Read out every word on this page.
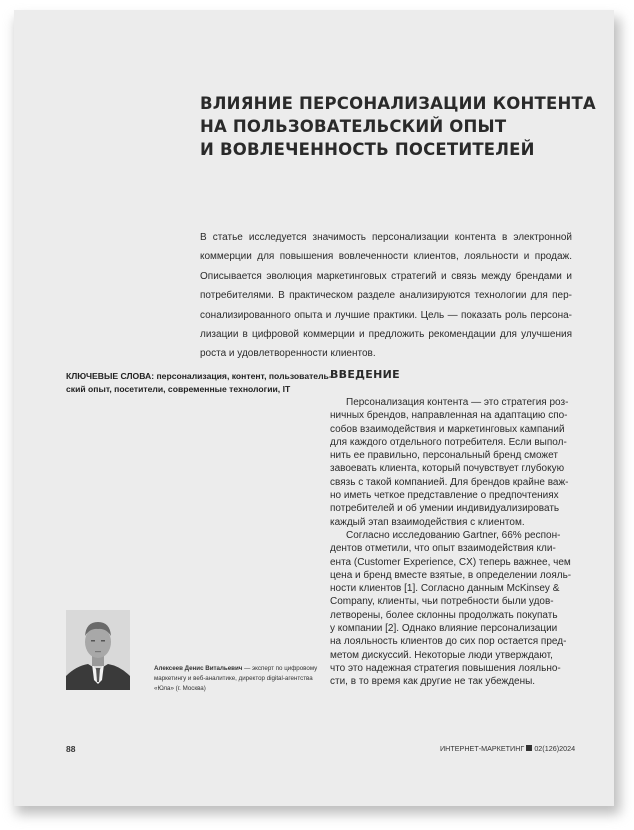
ВЛИЯНИЕ ПЕРСОНАЛИЗАЦИИ КОНТЕНТА
НА ПОЛЬЗОВАТЕЛЬСКИЙ ОПЫТ
И ВОВЛЕЧЕННОСТЬ ПОСЕТИТЕЛЕЙ
В статье исследуется значимость персонализации контента в электронной
коммерции для повышения вовлеченности клиентов, лояльности и продаж.
Описывается эволюция маркетинговых стратегий и связь между брендами и
потребителями. В практическом разделе анализируются технологии для пер-
сонализированного опыта и лучшие практики. Цель — показать роль персона-
лизации в цифровой коммерции и предложить рекомендации для улучшения
роста и удовлетворенности клиентов.
КЛЮЧЕВЫЕ СЛОВА: персонализация, контент, пользователь-
ский опыт, посетители, современные технологии, IT
ВВЕДЕНИЕ
Персонализация контента — это стратегия роз-
ничных брендов, направленная на адаптацию спо-
собов взаимодействия и маркетинговых кампаний
для каждого отдельного потребителя. Если выпол-
нить ее правильно, персональный бренд сможет
завоевать клиента, который почувствует глубокую
связь с такой компанией. Для брендов крайне важ-
но иметь четкое представление о предпочтениях
потребителей и об умении индивидуализировать
каждый этап взаимодействия с клиентом.
Согласно исследованию Gartner, 66% респон-
дентов отметили, что опыт взаимодействия кли-
ента (Customer Experience, CX) теперь важнее, чем
цена и бренд вместе взятые, в определении лояль-
ности клиентов [1]. Согласно данным McKinsey &
Company, клиенты, чьи потребности были удов-
летворены, более склонны продолжать покупать
у компании [2]. Однако влияние персонализации
на лояльность клиентов до сих пор остается пред-
метом дискуссий. Некоторые люди утверждают,
что это надежная стратегия повышения лояльно-
сти, в то время как другие не так убеждены.
Алексеев Денис Витальевич — эксперт по цифровому
маркетингу и веб-аналитике, директор digital-агентства
«Юла» (г. Москва)
88	ИНТЕРНЕТ-МАРКЕТИНГ 02(126)2024
